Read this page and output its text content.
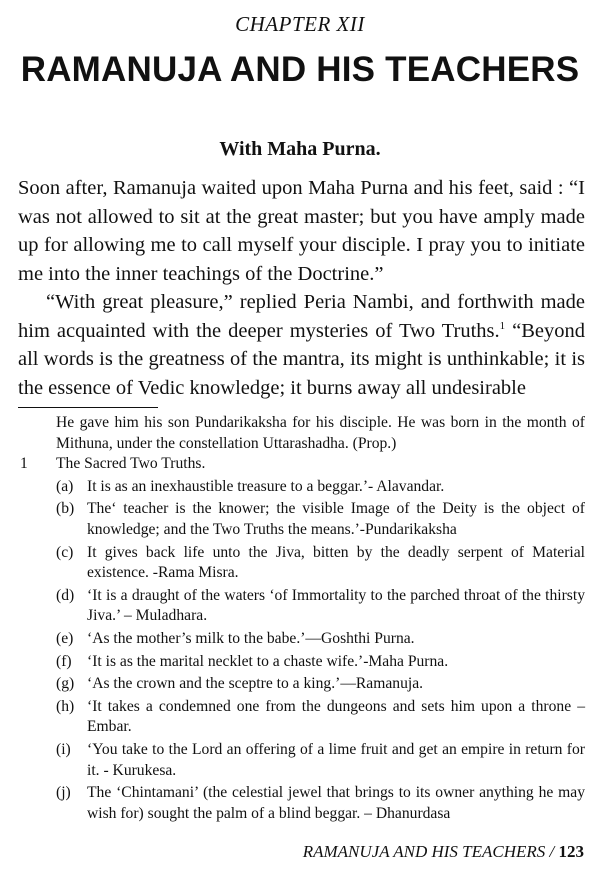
CHAPTER XII
RAMANUJA AND HIS TEACHERS
With Maha Purna.

Soon after, Ramanuja waited upon Maha Purna and his feet, said : “I was not allowed to sit at the great master; but you have amply made up for allowing me to call myself your disciple. I pray you to initiate me into the inner teachings of the Doctrine.”

“With great pleasure,” replied Peria Nambi, and forthwith made him acquainted with the deeper mysteries of Two Truths.$^1$ “Beyond all words is the greatness of the mantra, its might is unthinkable; it is the essence of Vedic knowledge; it burns away all undesirable

He gave him his son Pundarikaksha for his disciple. He was born in the month of Mithuna, under the constellation Uttarashadha. (Prop.)
1 The Sacred Two Truths.
(a) It is as an inexhaustible treasure to a beggar.’- Alavandar.
(b) The‘ teacher is the knower; the visible Image of the Deity is the object of knowledge; and the Two Truths the means.’-Pundarikaksha
(c) It gives back life unto the Jiva, bitten by the deadly serpent of Material existence. -Rama Misra.
(d) ‘It is a draught of the waters ‘of Immortality to the parched throat of the thirsty Jiva.’ – Muladhara.
(e) ‘As the mother’s milk to the babe.’—Goshthi Purna.
(f) ‘It is as the marital necklet to a chaste wife.’-Maha Purna.
(g) ‘As the crown and the sceptre to a king.’—Ramanuja.
(h) ‘It takes a condemned one from the dungeons and sets him upon a throne – Embar.
(i) ‘You take to the Lord an offering of a lime fruit and get an empire in return for it. - Kurukesa.
(j) The ‘Chintamani’ (the celestial jewel that brings to its owner anything he may wish for) sought the palm of a blind beggar. – Dhanurdasa
RAMANUJA AND HIS TEACHERS / 123
